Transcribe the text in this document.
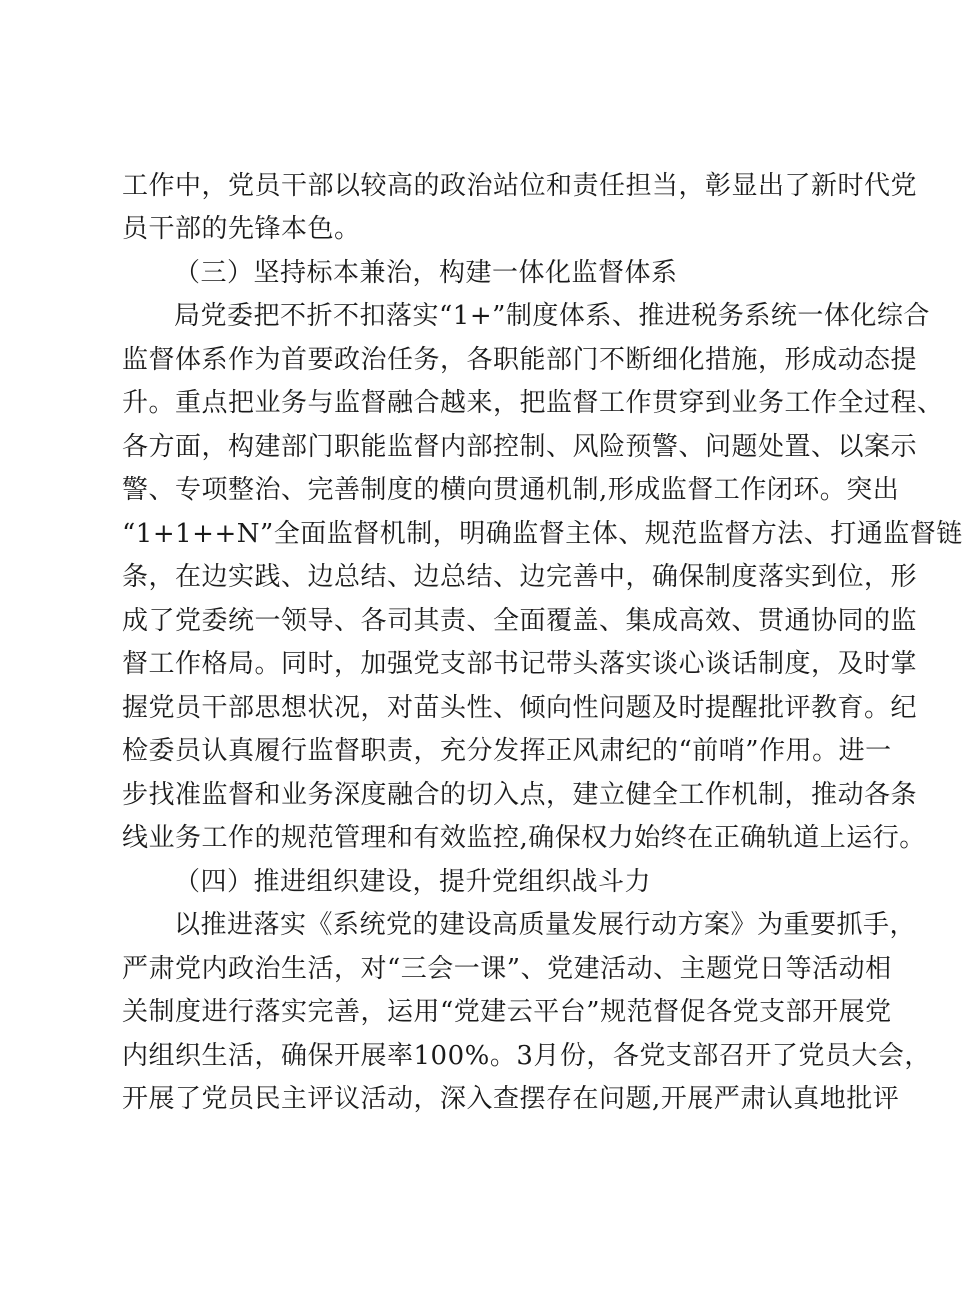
工作中，党员干部以较高的政治站位和责任担当，彰显出了新时代党
员干部的先锋本色。
（三）坚持标本兼治，构建一体化监督体系
局党委把不折不扣落实“1+”制度体系、推进税务系统一体化综合
监督体系作为首要政治任务，各职能部门不断细化措施，形成动态提
升。重点把业务与监督融合越来，把监督工作贯穿到业务工作全过程、
各方面，构建部门职能监督内部控制、风险预警、问题处置、以案示
警、专项整治、完善制度的横向贯通机制,形成监督工作闭环。突出
“1+1++N”全面监督机制，明确监督主体、规范监督方法、打通监督链
条，在边实践、边总结、边总结、边完善中，确保制度落实到位，形
成了党委统一领导、各司其责、全面覆盖、集成高效、贯通协同的监
督工作格局。同时，加强党支部书记带头落实谈心谈话制度，及时掌
握党员干部思想状况，对苗头性、倾向性问题及时提醒批评教育。纪
检委员认真履行监督职责，充分发挥正风肃纪的“前哨”作用。进一
步找准监督和业务深度融合的切入点，建立健全工作机制，推动各条
线业务工作的规范管理和有效监控,确保权力始终在正确轨道上运行。
（四）推进组织建设，提升党组织战斗力
以推进落实《系统党的建设高质量发展行动方案》为重要抓手，
严肃党内政治生活，对“三会一课”、党建活动、主题党日等活动相
关制度进行落实完善，运用“党建云平台”规范督促各党支部开展党
内组织生活，确保开展率100%。3月份，各党支部召开了党员大会，
开展了党员民主评议活动，深入查摆存在问题,开展严肃认真地批评
